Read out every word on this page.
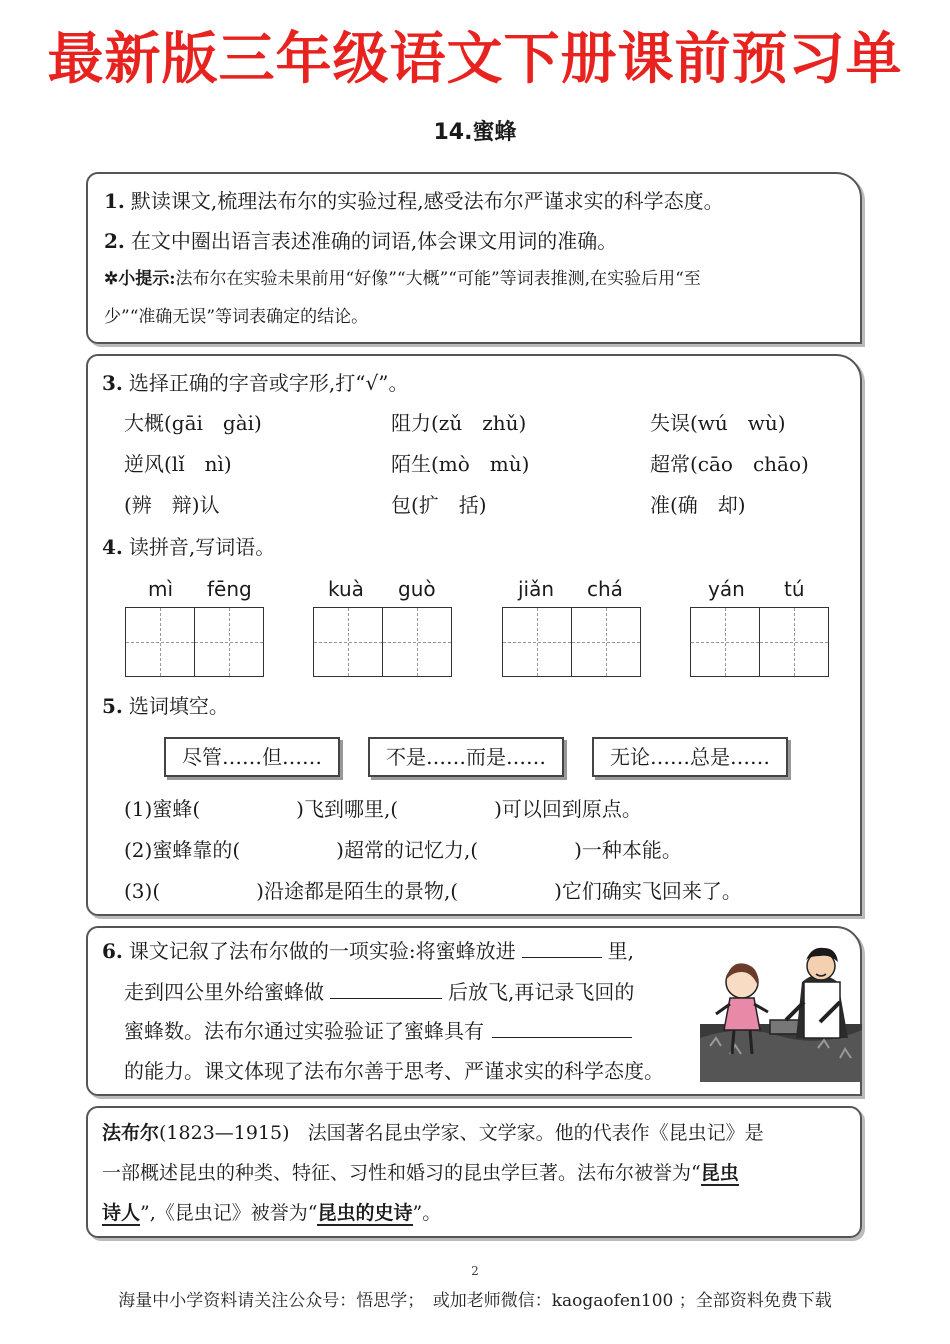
最新版三年级语文下册课前预习单
14.蜜蜂
1. 默读课文,梳理法布尔的实验过程,感受法布尔严谨求实的科学态度。
2. 在文中圈出语言表述准确的词语,体会课文用词的准确。
✲小提示:法布尔在实验未果前用“好像”“大概”“可能”等词表推测,在实验后用“至
少”“准确无误”等词表确定的结论。
3. 选择正确的字音或字形,打“√”。
大概(gāi　gài)	阻力(zǔ　zhǔ)	失误(wú　wù)
逆风(lǐ　nì)	陌生(mò　mù)	超常(cāo　chāo)
(辨　辩)认	包(扩　括)	准(确　却)
4. 读拼音,写词语。
mì fēng	kuà guò	jiǎn chá	yán tú
5. 选词填空。
尽管……但……	不是……而是……	无论……总是……
(1)蜜蜂(	)飞到哪里,(	)可以回到原点。
(2)蜜蜂靠的(	)超常的记忆力,(	)一种本能。
(3)(	)沿途都是陌生的景物,(	)它们确实飞回来了。
6. 课文记叙了法布尔做的一项实验:将蜜蜂放进	里,
走到四公里外给蜜蜂做	后放飞,再记录飞回的
蜜蜂数。法布尔通过实验验证了蜜蜂具有
的能力。课文体现了法布尔善于思考、严谨求实的科学态度。
法布尔(1823—1915) 法国著名昆虫学家、文学家。他的代表作《昆虫记》是
一部概述昆虫的种类、特征、习性和婚习的昆虫学巨著。法布尔被誉为“昆虫
诗人”,《昆虫记》被誉为“昆虫的史诗”。
2
海量中小学资料请关注公众号：悟思学；　或加老师微信：kaogaofen100 ；全部资料免费下载
